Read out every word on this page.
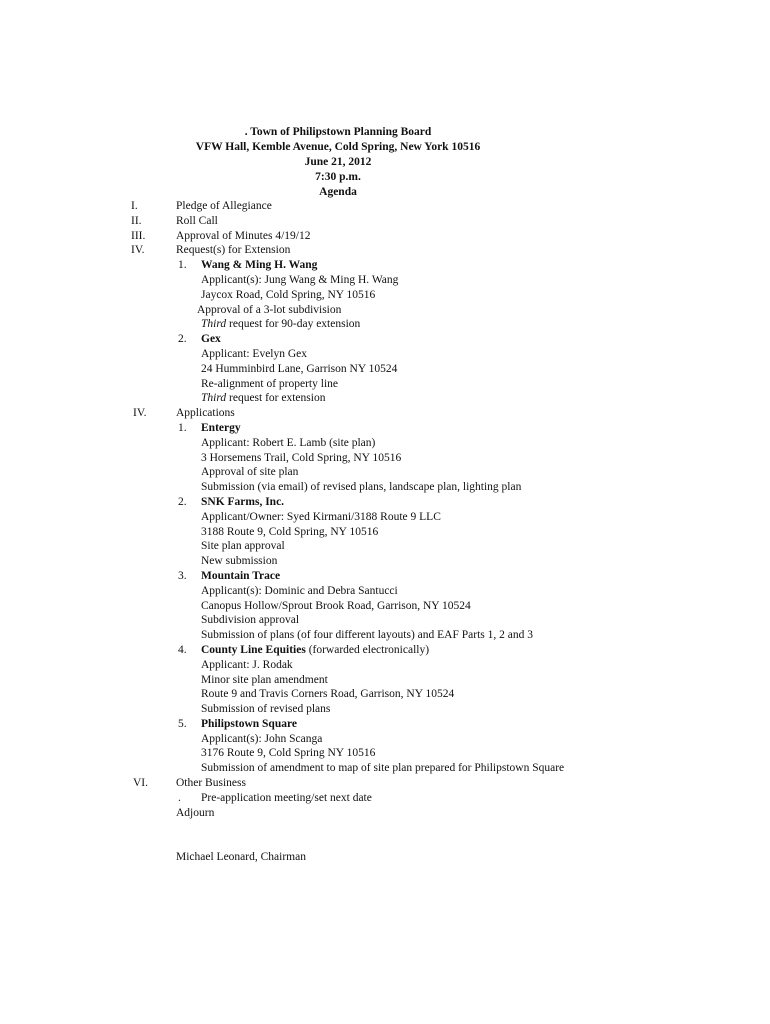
. Town of Philipstown Planning Board
VFW Hall, Kemble Avenue, Cold Spring, New York 10516
June 21, 2012
7:30 p.m.
Agenda
I.	Pledge of Allegiance
II.	Roll Call
III.	Approval of Minutes 4/19/12
IV.	Request(s) for Extension
1. Wang & Ming H. Wang
Applicant(s): Jung Wang & Ming H. Wang
Jaycox Road, Cold Spring, NY 10516
Approval of a 3-lot subdivision
Third request for 90-day extension
2. Gex
Applicant: Evelyn Gex
24 Humminbird Lane, Garrison NY 10524
Re-alignment of property line
Third request for extension
IV.	Applications
1. Entergy
Applicant: Robert E. Lamb (site plan)
3 Horsemens Trail, Cold Spring, NY 10516
Approval of site plan
Submission (via email) of revised plans, landscape plan, lighting plan
2. SNK Farms, Inc.
Applicant/Owner: Syed Kirmani/3188 Route 9 LLC
3188 Route 9, Cold Spring, NY 10516
Site plan approval
New submission
3. Mountain Trace
Applicant(s): Dominic and Debra Santucci
Canopus Hollow/Sprout Brook Road, Garrison, NY 10524
Subdivision approval
Submission of plans (of four different layouts) and EAF Parts 1, 2 and 3
4. County Line Equities (forwarded electronically)
Applicant: J. Rodak
Minor site plan amendment
Route 9 and Travis Corners Road, Garrison, NY 10524
Submission of revised plans
5. Philipstown Square
Applicant(s): John Scanga
3176 Route 9, Cold Spring NY 10516
Submission of amendment to map of site plan prepared for Philipstown Square
VI. Other Business
. Pre-application meeting/set next date
Adjourn
Michael Leonard, Chairman
